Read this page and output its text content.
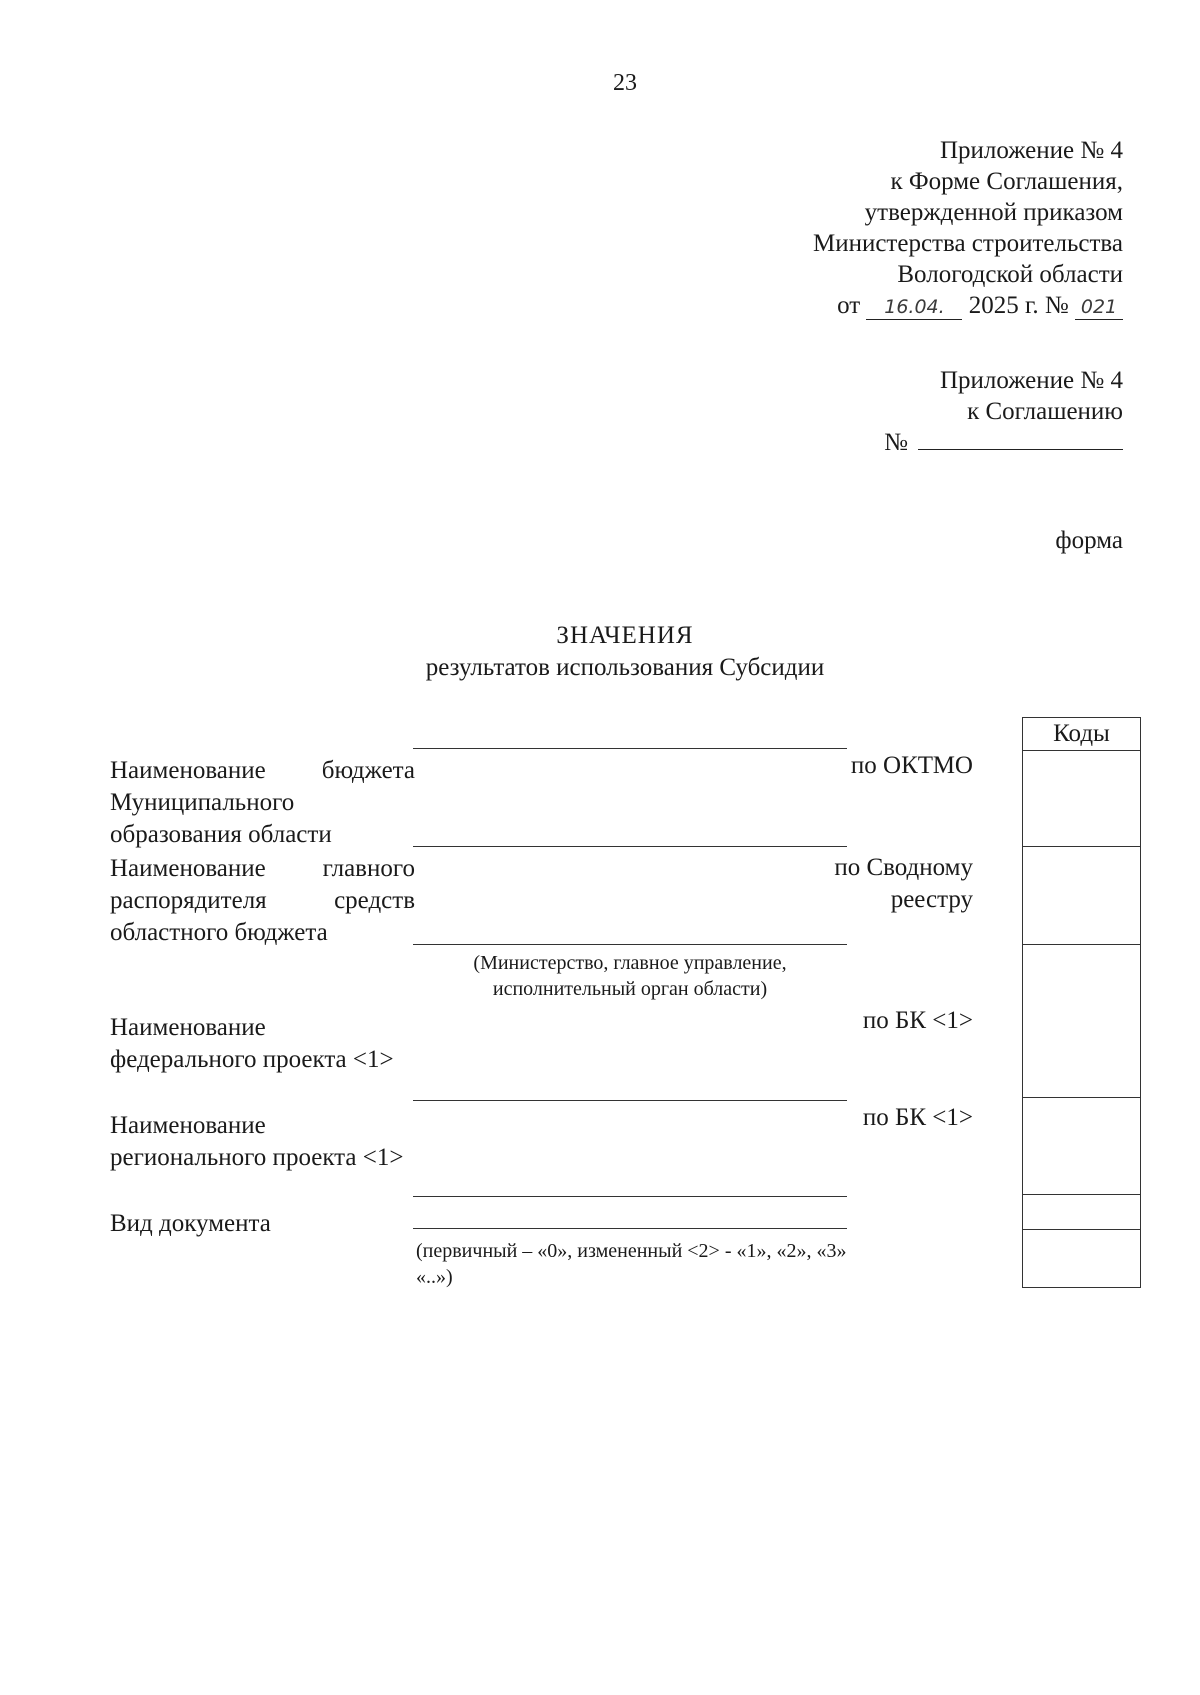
23
Приложение № 4
к Форме Соглашения,
утвержденной приказом
Министерства строительства
Вологодской области
от 16.04. 2025 г. № 021
Приложение № 4
к Соглашению
№
форма
ЗНАЧЕНИЯ
результатов использования Субсидии
Коды
по ОКТМО
по Сводному
реестру
по БК <1>
по БК <1>
Наименование бюджета Муниципального образования области
Наименование главного распорядителя средств областного бюджета
Наименование федерального проекта <1>
Наименование регионального проекта <1>
Вид документа
(Министерство, главное управление, исполнительный орган области)
(первичный – «0», измененный <2> - «1», «2», «3» «..»)
